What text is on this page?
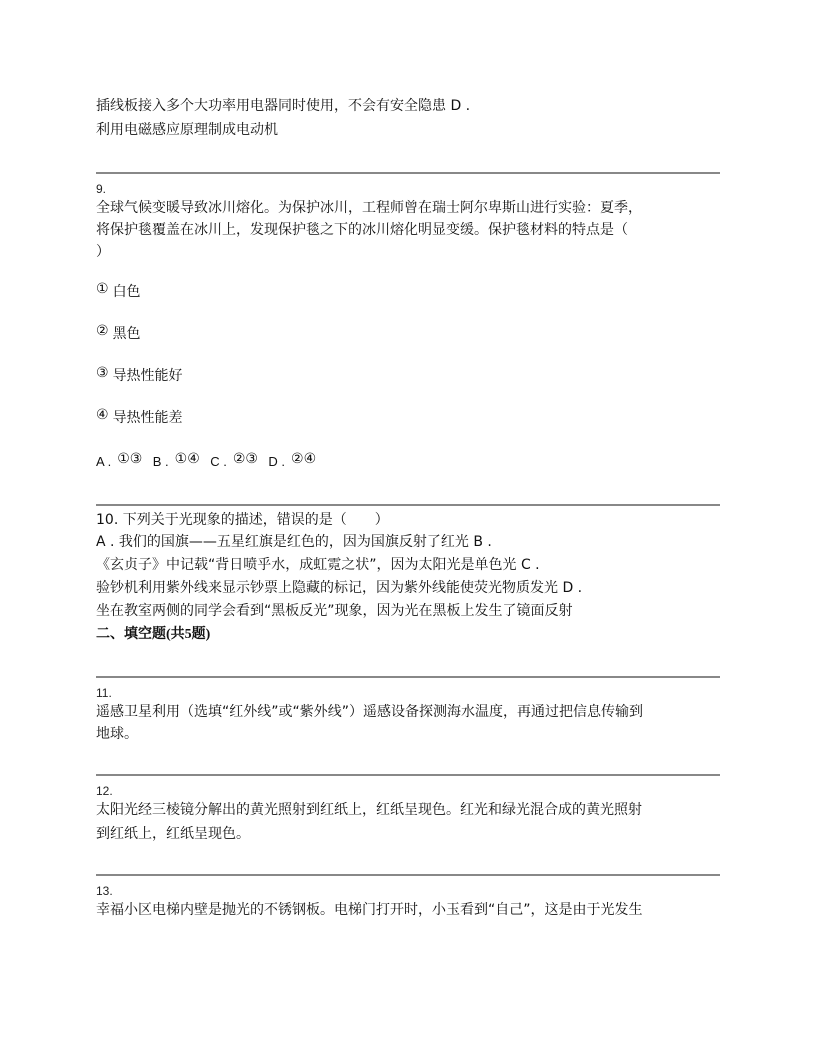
插线板接入多个大功率用电器同时使用，不会有安全隐患 D .
利用电磁感应原理制成电动机
9.
全球气候变暖导致冰川熔化。为保护冰川，工程师曾在瑞士阿尔卑斯山进行实验：夏季，
将保护毯覆盖在冰川上，发现保护毯之下的冰川熔化明显变缓。保护毯材料的特点是（
）
① 白色
② 黑色
③ 导热性能好
④ 导热性能差
A . ①③ B . ①④ C . ②③ D . ②④
10. 下列关于光现象的描述，错误的是（　　）
A . 我们的国旗——五星红旗是红色的，因为国旗反射了红光 B .
《玄贞子》中记载“背日喷乎水，成虹霓之状”，因为太阳光是单色光 C .
验钞机利用紫外线来显示钞票上隐藏的标记，因为紫外线能使荧光物质发光 D .
坐在教室两侧的同学会看到“黑板反光”现象，因为光在黑板上发生了镜面反射
二、填空题(共5题)
11.
遥感卫星利用（选填“红外线”或“紫外线”）遥感设备探测海水温度，再通过把信息传输到
地球。
12.
太阳光经三棱镜分解出的黄光照射到红纸上，红纸呈现色。红光和绿光混合成的黄光照射
到红纸上，红纸呈现色。
13.
幸福小区电梯内壁是抛光的不锈钢板。电梯门打开时，小玉看到“自己”，这是由于光发生
